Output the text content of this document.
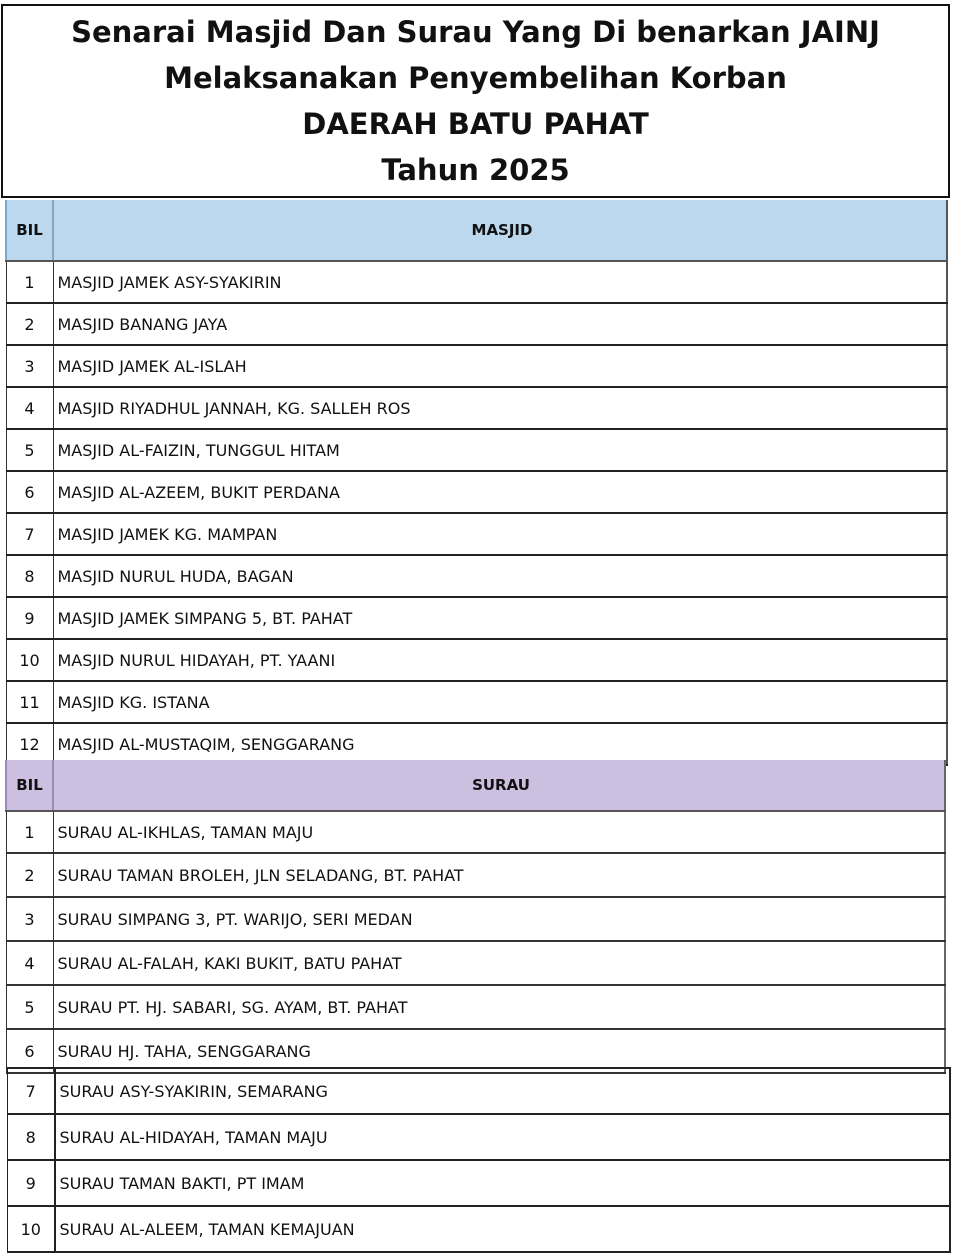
Senarai Masjid Dan Surau Yang Di benarkan JAINJ
Melaksanakan Penyembelihan Korban
DAERAH BATU PAHAT
Tahun 2025
BIL	MASJID
1	MASJID JAMEK ASY-SYAKIRIN
2	MASJID BANANG JAYA
3	MASJID JAMEK AL-ISLAH
4	MASJID RIYADHUL JANNAH, KG. SALLEH ROS
5	MASJID AL-FAIZIN, TUNGGUL HITAM
6	MASJID AL-AZEEM, BUKIT PERDANA
7	MASJID JAMEK KG. MAMPAN
8	MASJID NURUL HUDA, BAGAN
9	MASJID JAMEK SIMPANG 5, BT. PAHAT
10	MASJID NURUL HIDAYAH, PT. YAANI
11	MASJID KG. ISTANA
12	MASJID AL-MUSTAQIM, SENGGARANG
BIL	SURAU
1	SURAU AL-IKHLAS, TAMAN MAJU
2	SURAU TAMAN BROLEH, JLN SELADANG, BT. PAHAT
3	SURAU SIMPANG 3, PT. WARIJO, SERI MEDAN
4	SURAU AL-FALAH, KAKI BUKIT, BATU PAHAT
5	SURAU PT. HJ. SABARI, SG. AYAM, BT. PAHAT
6	SURAU HJ. TAHA, SENGGARANG
7	SURAU ASY-SYAKIRIN, SEMARANG
8	SURAU AL-HIDAYAH, TAMAN MAJU
9	SURAU TAMAN BAKTI, PT IMAM
10	SURAU AL-ALEEM, TAMAN KEMAJUAN
